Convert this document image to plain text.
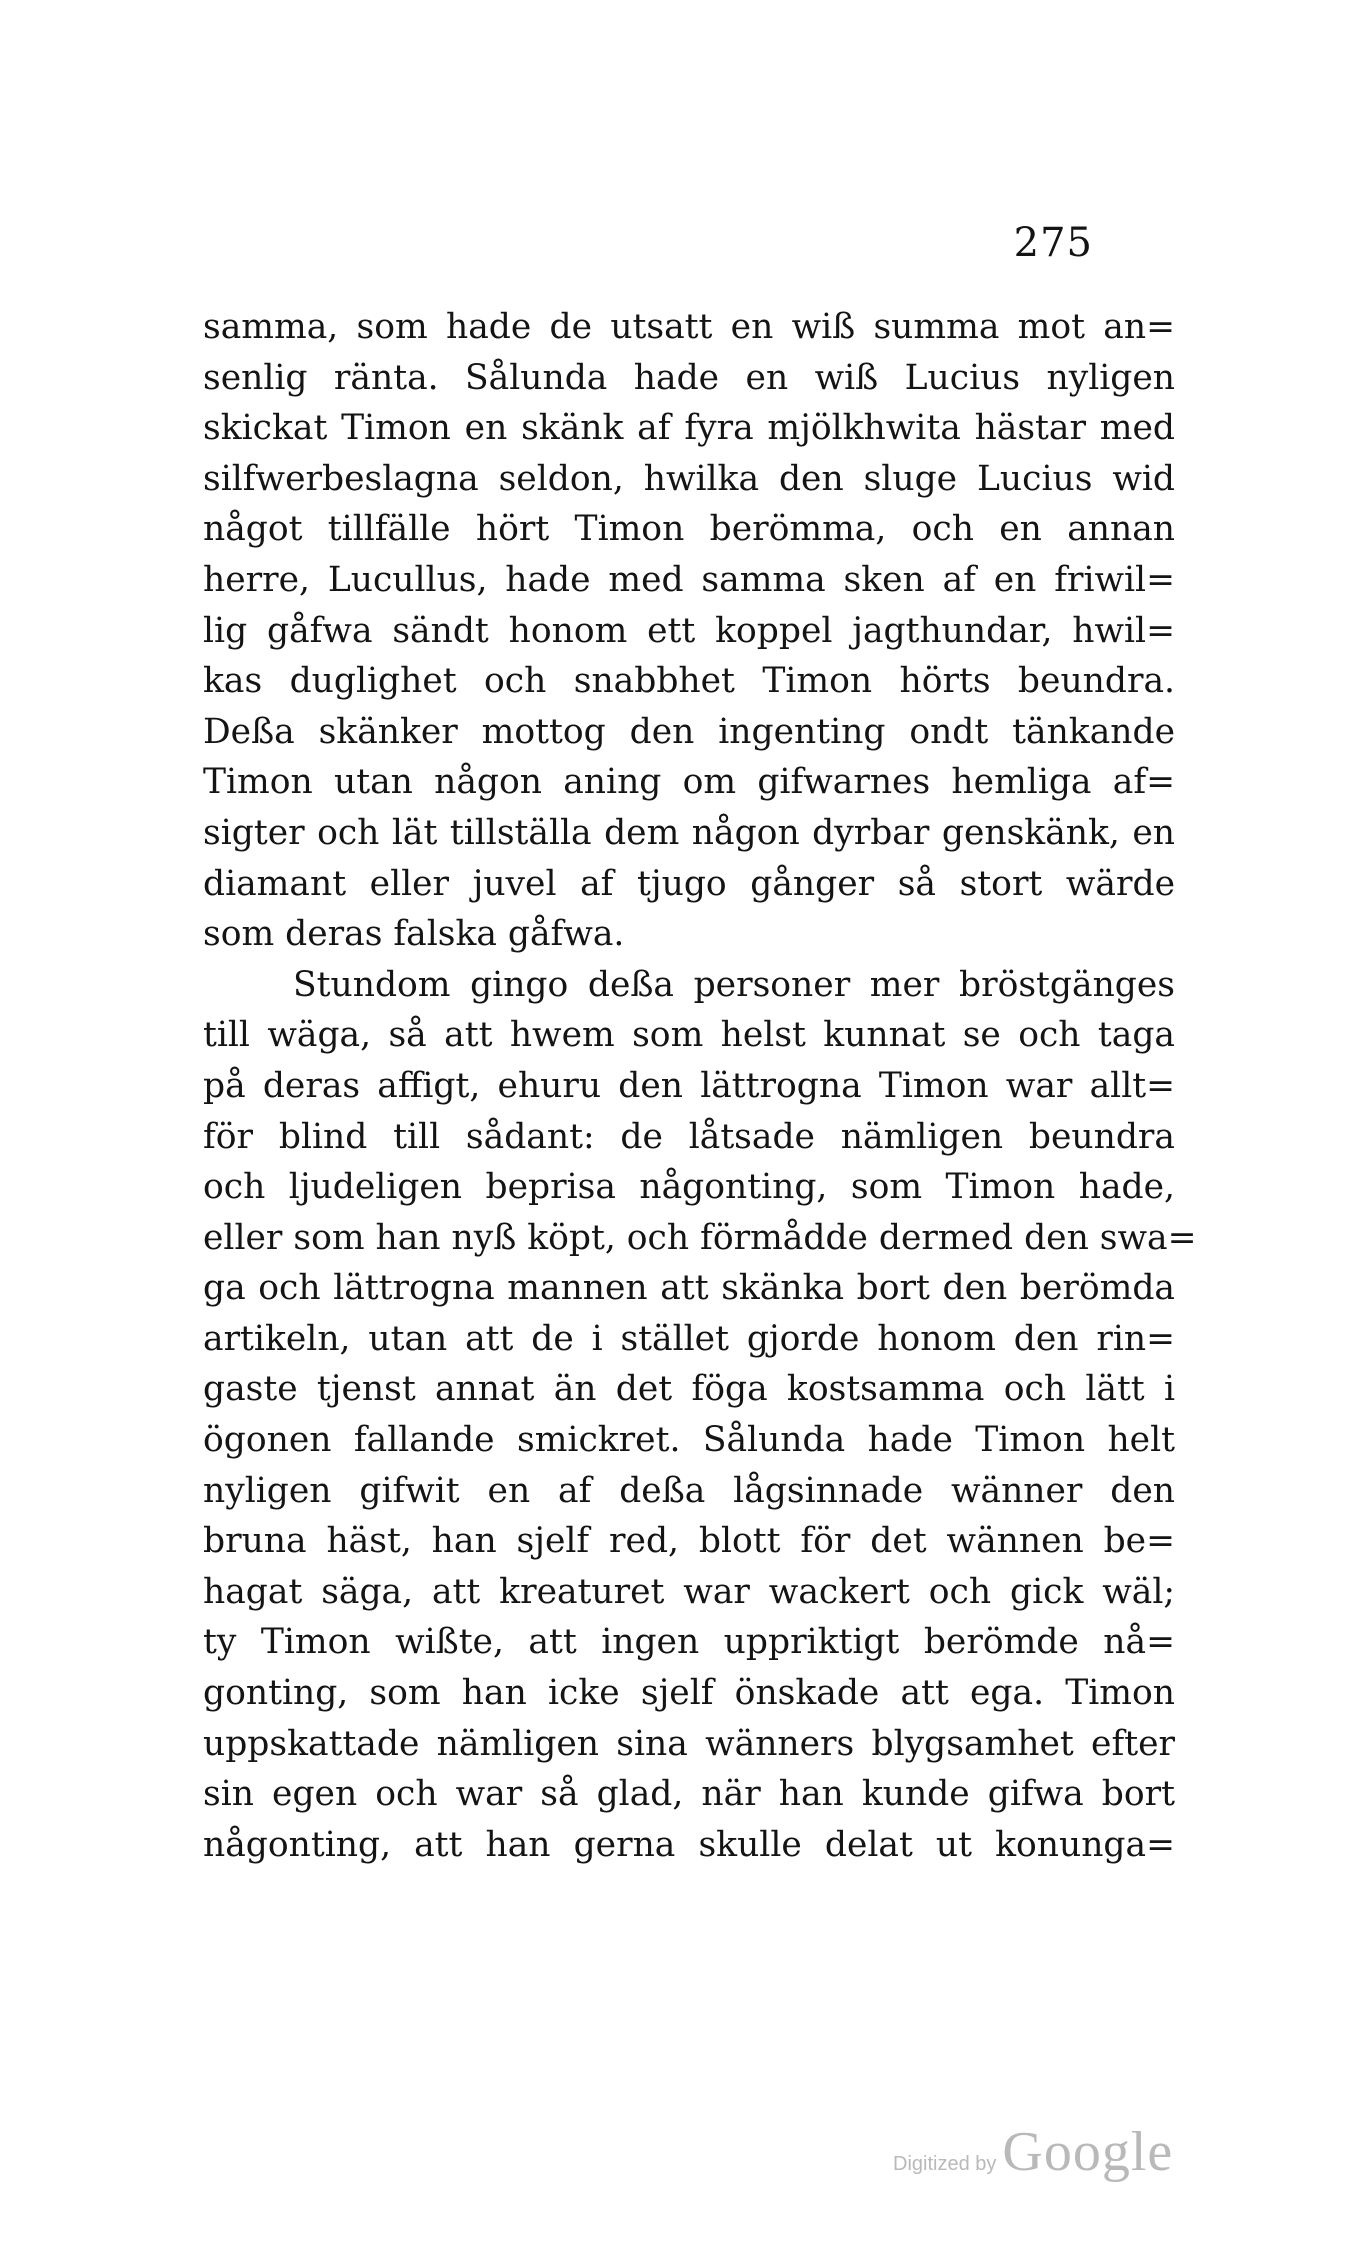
275
samma, som hade de utsatt en wiß summa mot an=
senlig ränta. Sålunda hade en wiß Lucius nyligen
skickat Timon en skänk af fyra mjölkhwita hästar med
silfwerbeslagna seldon, hwilka den sluge Lucius wid
något tillfälle hört Timon berömma, och en annan
herre, Lucullus, hade med samma sken af en friwil=
lig gåfwa sändt honom ett koppel jagthundar, hwil=
kas duglighet och snabbhet Timon hörts beundra.
Deßa skänker mottog den ingenting ondt tänkande
Timon utan någon aning om gifwarnes hemliga af=
sigter och lät tillställa dem någon dyrbar genskänk, en
diamant eller juvel af tjugo gånger så stort wärde
som deras falska gåfwa.
Stundom gingo deßa personer mer bröstgänges
till wäga, så att hwem som helst kunnat se och taga
på deras affigt, ehuru den lättrogna Timon war allt=
för blind till sådant: de låtsade nämligen beundra
och ljudeligen beprisa någonting, som Timon hade,
eller som han nyß köpt, och förmådde dermed den swa=
ga och lättrogna mannen att skänka bort den berömda
artikeln, utan att de i stället gjorde honom den rin=
gaste tjenst annat än det föga kostsamma och lätt i
ögonen fallande smickret. Sålunda hade Timon helt
nyligen gifwit en af deßa lågsinnade wänner den
bruna häst, han sjelf red, blott för det wännen be=
hagat säga, att kreaturet war wackert och gick wäl;
ty Timon wißte, att ingen uppriktigt berömde nå=
gonting, som han icke sjelf önskade att ega. Timon
uppskattade nämligen sina wänners blygsamhet efter
sin egen och war så glad, när han kunde gifwa bort
någonting, att han gerna skulle delat ut konunga=
Digitized by Google
